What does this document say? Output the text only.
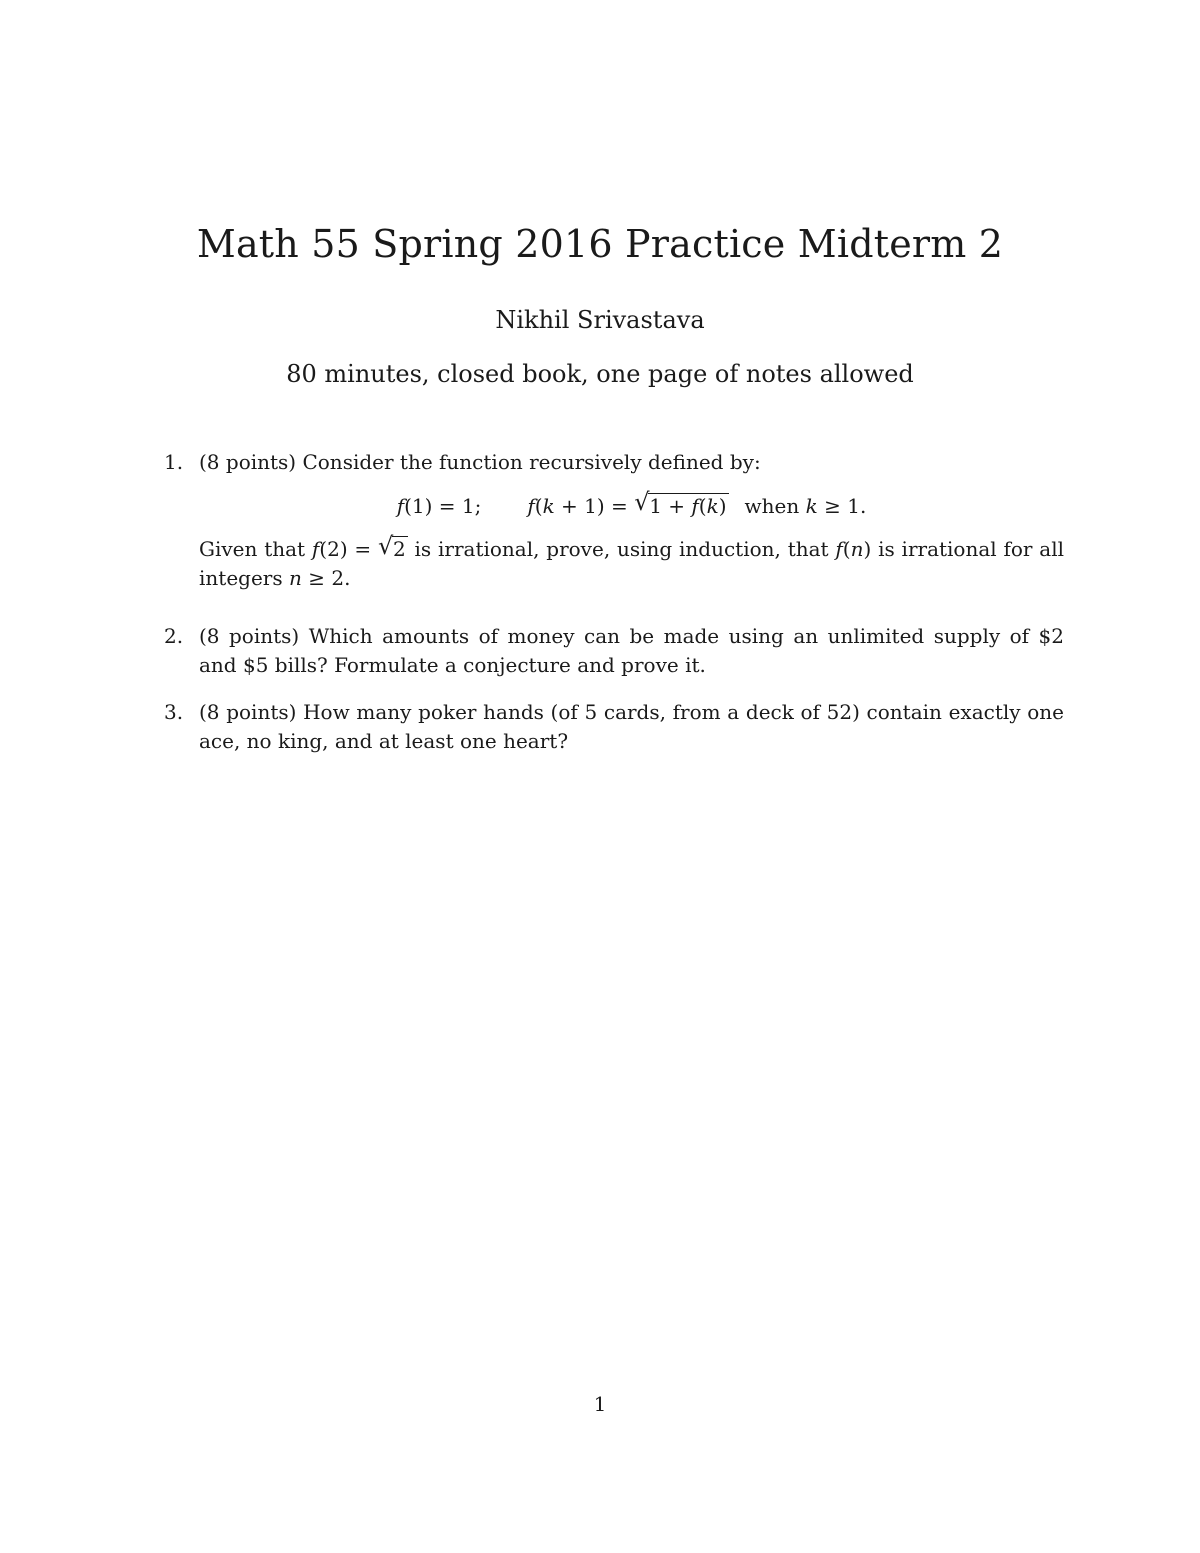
Math 55 Spring 2016 Practice Midterm 2
Nikhil Srivastava
80 minutes, closed book, one page of notes allowed
1. (8 points) Consider the function recursively defined by:
f(1) = 1; f(k + 1) = √ 1 + f(k) when k ≥ 1.
Given that f(2) = √ 2 is irrational, prove, using induction, that f(n) is irrational for all integers n ≥ 2.
2. (8 points) Which amounts of money can be made using an unlimited supply of $2 and $5 bills? Formulate a conjecture and prove it.
3. (8 points) How many poker hands (of 5 cards, from a deck of 52) contain exactly one ace, no king, and at least one heart?
1
